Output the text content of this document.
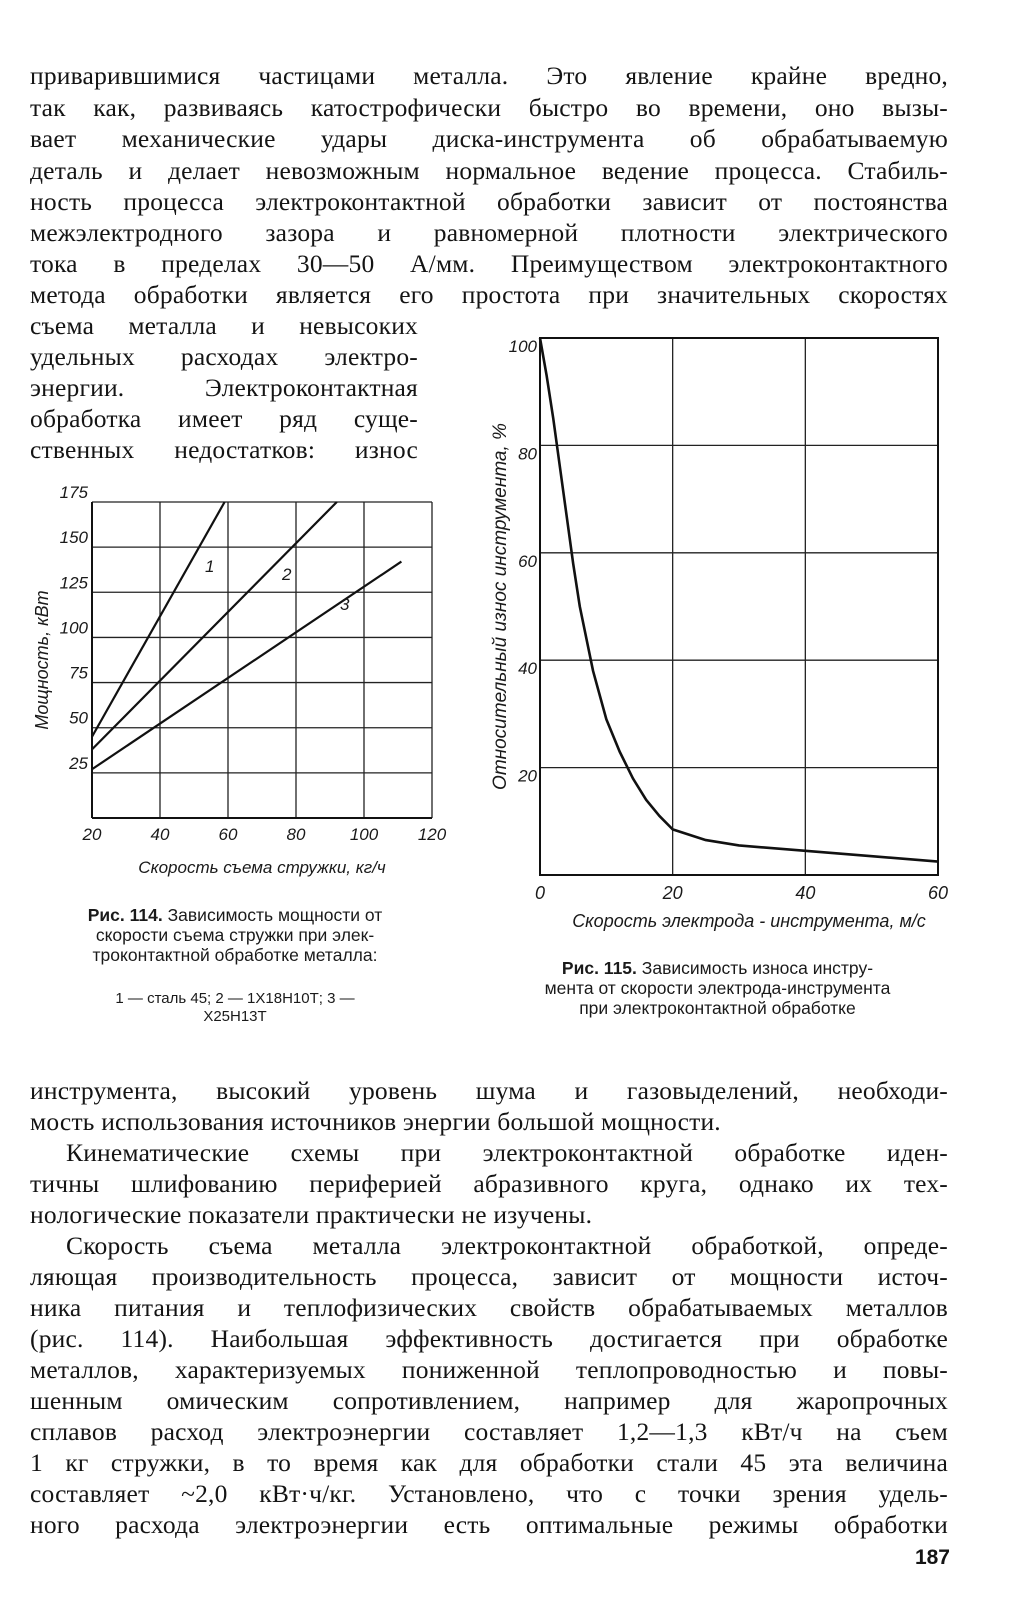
приварившимися частицами металла. Это явление крайне вредно,
так как, развиваясь катострофически быстро во времени, оно вызы-
вает механические удары диска-инструмента об обрабатываемую
деталь и делает невозможным нормальное ведение процесса. Стабиль-
ность процесса электроконтактной обработки зависит от постоянства
межэлектродного зазора и равномерной плотности электрического
тока в пределах 30—50 А/мм. Преимуществом электроконтактного
метода обработки является его простота при значительных скоростях
съема металла и невысоких
удельных расходах электро-
энергии. Электроконтактная
обработка имеет ряд суще-
ственных недостатков: износ
инструмента, высокий уровень шума и газовыделений, необходи-
мость использования источников энергии большой мощности.
Кинематические схемы при электроконтактной обработке иден-
тичны шлифованию периферией абразивного круга, однако их тех-
нологические показатели практически не изучены.
Скорость съема металла электроконтактной обработкой, опреде-
ляющая производительность процесса, зависит от мощности источ-
ника питания и теплофизических свойств обрабатываемых металлов
(рис. 114). Наибольшая эффективность достигается при обработке
металлов, характеризуемых пониженной теплопроводностью и повы-
шенным омическим сопротивлением, например для жаропрочных
сплавов расход электроэнергии составляет 1,2—1,3 кВт/ч на съем
1 кг стружки, в то время как для обработки стали 45 эта величина
составляет ~2,0 кВт·ч/кг. Установлено, что с точки зрения удель-
ного расхода электроэнергии есть оптимальные режимы обработки
20	40	60	80	100 120
175
150
125
100
75
50
25
1	2
3
Скорость съема стружки, кг/ч
Мощность, кВт
Рис. 114. Зависимость мощности от
скорости съема стружки при элек-
троконтактной обработке металла:
1 — сталь 45; 2 — 1Х18Н10Т; 3 —
Х25Н13Т
0	20	40	60
100
80
60
40
20
Скорость электрода - инструмента, м/с
Относительный износ инструмента, %
Рис. 115. Зависимость износа инстру-
мента от скорости электрода-инструмента
при электроконтактной обработке
187
